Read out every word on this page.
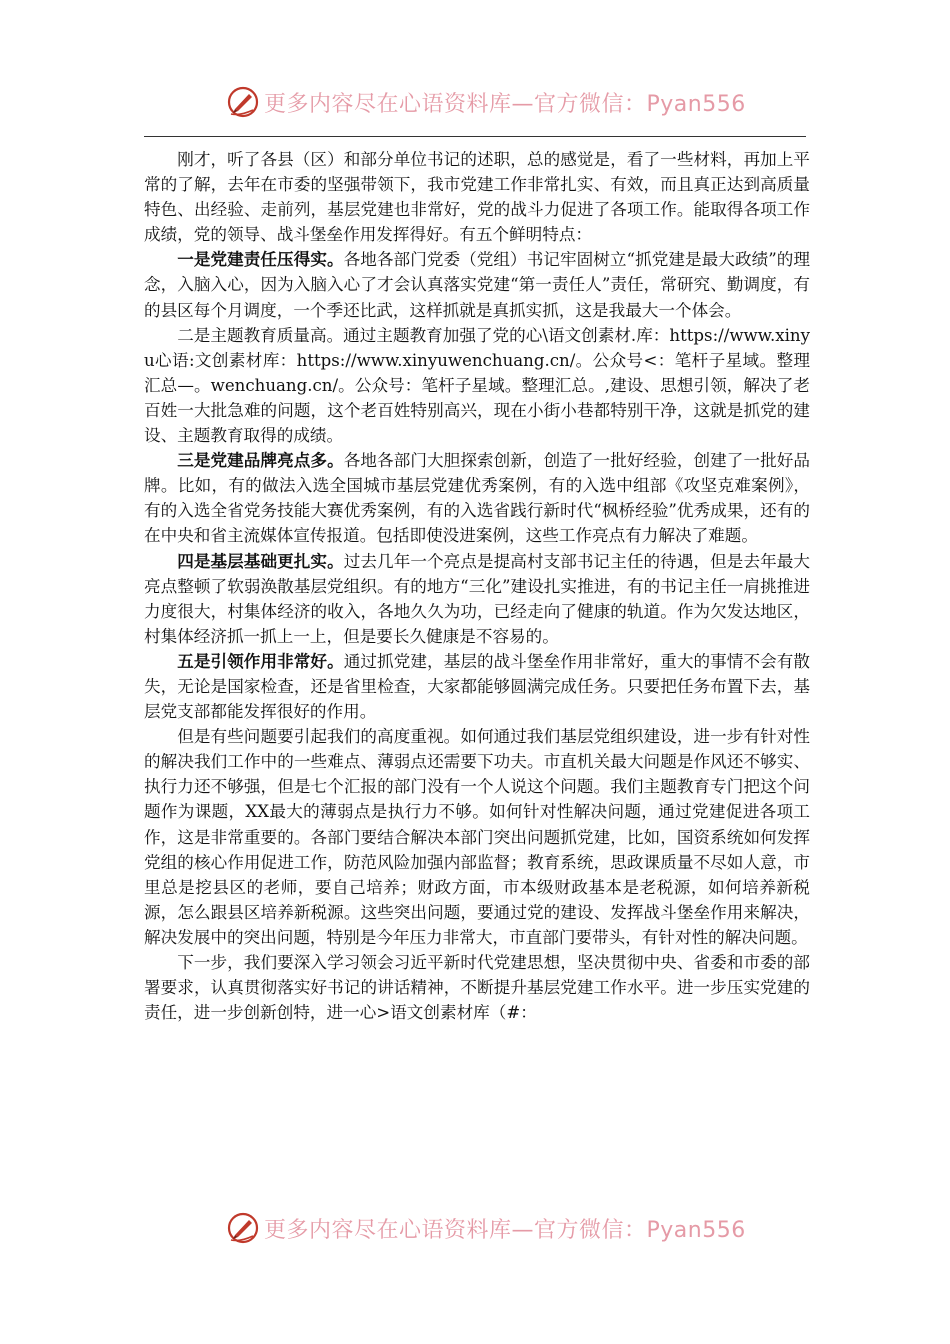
更多内容尽在心语资料库—官方微信：Pyan556

刚才，听了各县（区）和部分单位书记的述职，总的感觉是，看了一些材料，再加上平常的了解，去年在市委的坚强带领下，我市党建工作非常扎实、有效，而且真正达到高质量特色、出经验、走前列，基层党建也非常好，党的战斗力促进了各项工作。能取得各项工作成绩，党的领导、战斗堡垒作用发挥得好。有五个鲜明特点：

一是党建责任压得实。各地各部门党委（党组）书记牢固树立“抓党建是最大政绩”的理念，入脑入心，因为入脑入心了才会认真落实党建“第一责任人”责任，常研究、勤调度，有的县区每个月调度，一个季还比武，这样抓就是真抓实抓，这是我最大一个体会。

二是主题教育质量高。通过主题教育加强了党的心\语文创素材.库：https://www.xinyu心语:文创素材库：https://www.xinyuwenchuang.cn/。公众号<：笔杆子星域。整理汇总—。wenchuang.cn/。公众号：笔杆子星域。整理汇总。,建设、思想引领，解决了老百姓一大批急难的问题，这个老百姓特别高兴，现在小街小巷都特别干净，这就是抓党的建设、主题教育取得的成绩。

三是党建品牌亮点多。各地各部门大胆探索创新，创造了一批好经验，创建了一批好品牌。比如，有的做法入选全国城市基层党建优秀案例，有的入选中组部《攻坚克难案例》，有的入选全省党务技能大赛优秀案例，有的入选省践行新时代“枫桥经验”优秀成果，还有的在中央和省主流媒体宣传报道。包括即使没进案例，这些工作亮点有力解决了难题。

四是基层基础更扎实。过去几年一个亮点是提高村支部书记主任的待遇，但是去年最大亮点整顿了软弱涣散基层党组织。有的地方“三化”建设扎实推进，有的书记主任一肩挑推进力度很大，村集体经济的收入，各地久久为功，已经走向了健康的轨道。作为欠发达地区，村集体经济抓一抓上一上，但是要长久健康是不容易的。

五是引领作用非常好。通过抓党建，基层的战斗堡垒作用非常好，重大的事情不会有散失，无论是国家检查，还是省里检查，大家都能够圆满完成任务。只要把任务布置下去，基层党支部都能发挥很好的作用。

但是有些问题要引起我们的高度重视。如何通过我们基层党组织建设，进一步有针对性的解决我们工作中的一些难点、薄弱点还需要下功夫。市直机关最大问题是作风还不够实、执行力还不够强，但是七个汇报的部门没有一个人说这个问题。我们主题教育专门把这个问题作为课题，XX最大的薄弱点是执行力不够。如何针对性解决问题，通过党建促进各项工作，这是非常重要的。各部门要结合解决本部门突出问题抓党建，比如，国资系统如何发挥党组的核心作用促进工作，防范风险加强内部监督；教育系统，思政课质量不尽如人意，市里总是挖县区的老师，要自己培养；财政方面，市本级财政基本是老税源，如何培养新税源，怎么跟县区培养新税源。这些突出问题，要通过党的建设、发挥战斗堡垒作用来解决，解决发展中的突出问题，特别是今年压力非常大，市直部门要带头，有针对性的解决问题。

下一步，我们要深入学习领会习近平新时代党建思想，坚决贯彻中央、省委和市委的部署要求，认真贯彻落实好书记的讲话精神，不断提升基层党建工作水平。进一步压实党建的责任，进一步创新创特，进一心>语文创素材库（#：

更多内容尽在心语资料库—官方微信：Pyan556
